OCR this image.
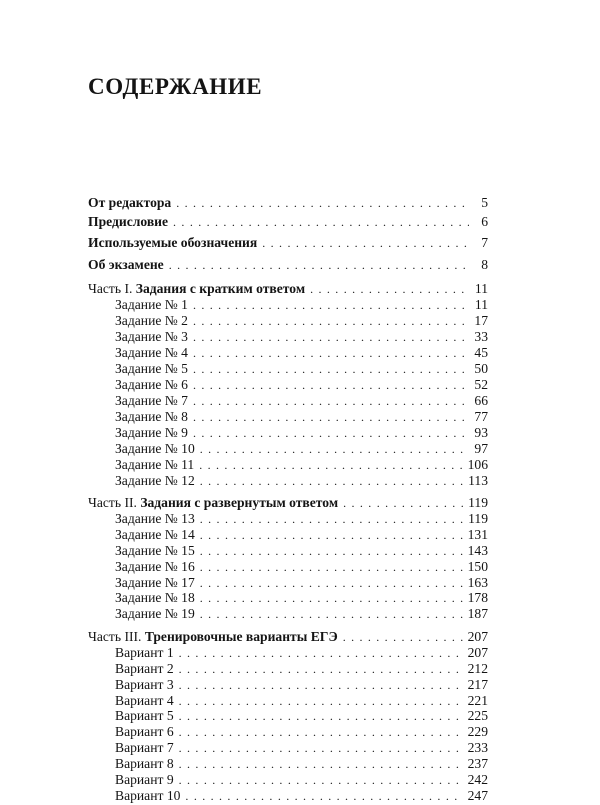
СОДЕРЖАНИЕ
От редактора . . .	5
Предисловие . . .	6
Используемые обозначения . . .	7
Об экзамене . . .	8
Часть I. Задания с кратким ответом . . .	11
Задание № 1 . . .	11
Задание № 2 . . .	17
Задание № 3 . . .	33
Задание № 4 . . .	45
Задание № 5 . . .	50
Задание № 6 . . .	52
Задание № 7 . . .	66
Задание № 8 . . .	77
Задание № 9 . . .	93
Задание № 10 . . .	97
Задание № 11 . . .	106
Задание № 12 . . .	113
Часть II. Задания с развернутым ответом . . .	119
Задание № 13 . . .	119
Задание № 14 . . .	131
Задание № 15 . . .	143
Задание № 16 . . .	150
Задание № 17 . . .	163
Задание № 18 . . .	178
Задание № 19 . . .	187
Часть III. Тренировочные варианты ЕГЭ . . .	207
Вариант 1 . . .	207
Вариант 2 . . .	212
Вариант 3 . . .	217
Вариант 4 . . .	221
Вариант 5 . . .	225
Вариант 6 . . .	229
Вариант 7 . . .	233
Вариант 8 . . .	237
Вариант 9 . . .	242
Вариант 10 . . .	247
